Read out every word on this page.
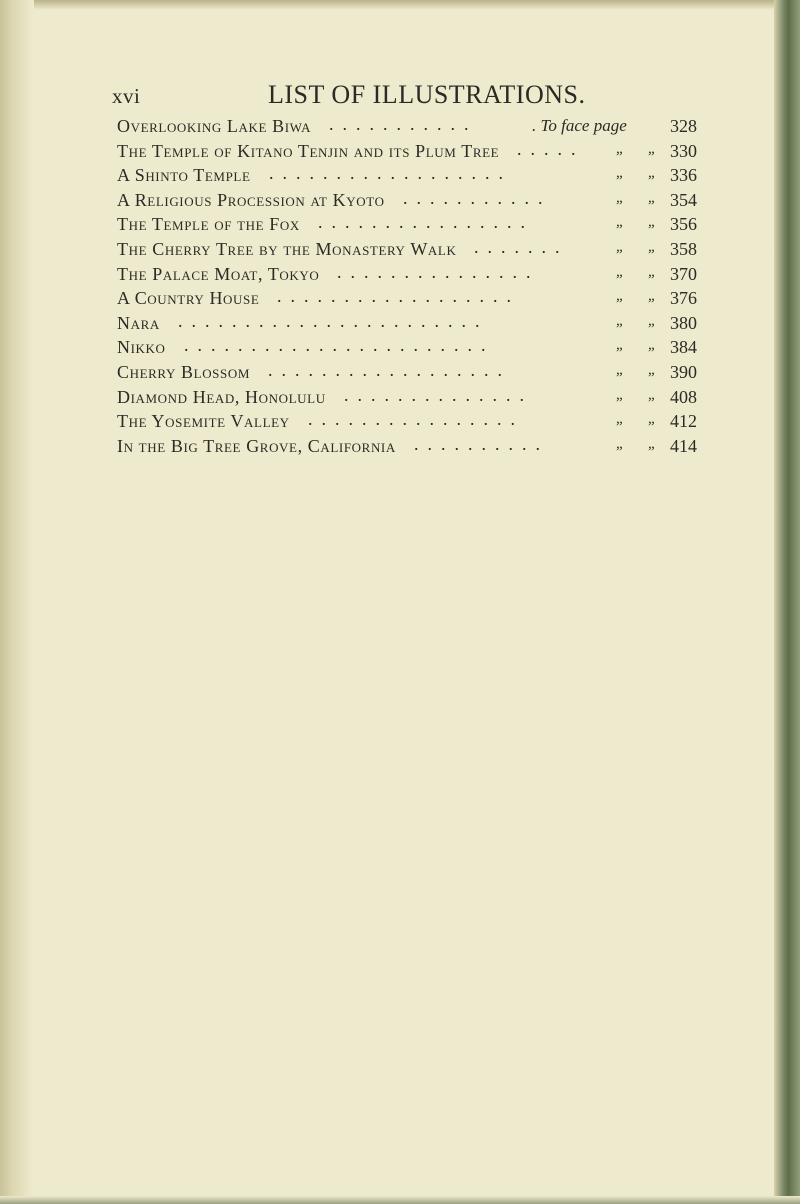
xvi	LIST OF ILLUSTRATIONS.
Overlooking Lake Biwa ...........	. To face page 328
The Temple of Kitano Tenjin and its Plum Tree ..... „ „ 330
A Shinto Temple ..................	„ „ 336
A Religious Procession at Kyoto ...........	„ „ 354
The Temple of the Fox ................	„ „ 356
The Cherry Tree by the Monastery Walk .......	„ „ 358
The Palace Moat, Tokyo ...............	„ „ 370
A Country House ..................	„ „ 376
Nara .......................	„ „ 380
Nikko .......................	„ „ 384
Cherry Blossom ..................	„ „ 390
Diamond Head, Honolulu ..............	„ „ 408
The Yosemite Valley ................	„ „ 412
In the Big Tree Grove, California ..........	„ „ 414
